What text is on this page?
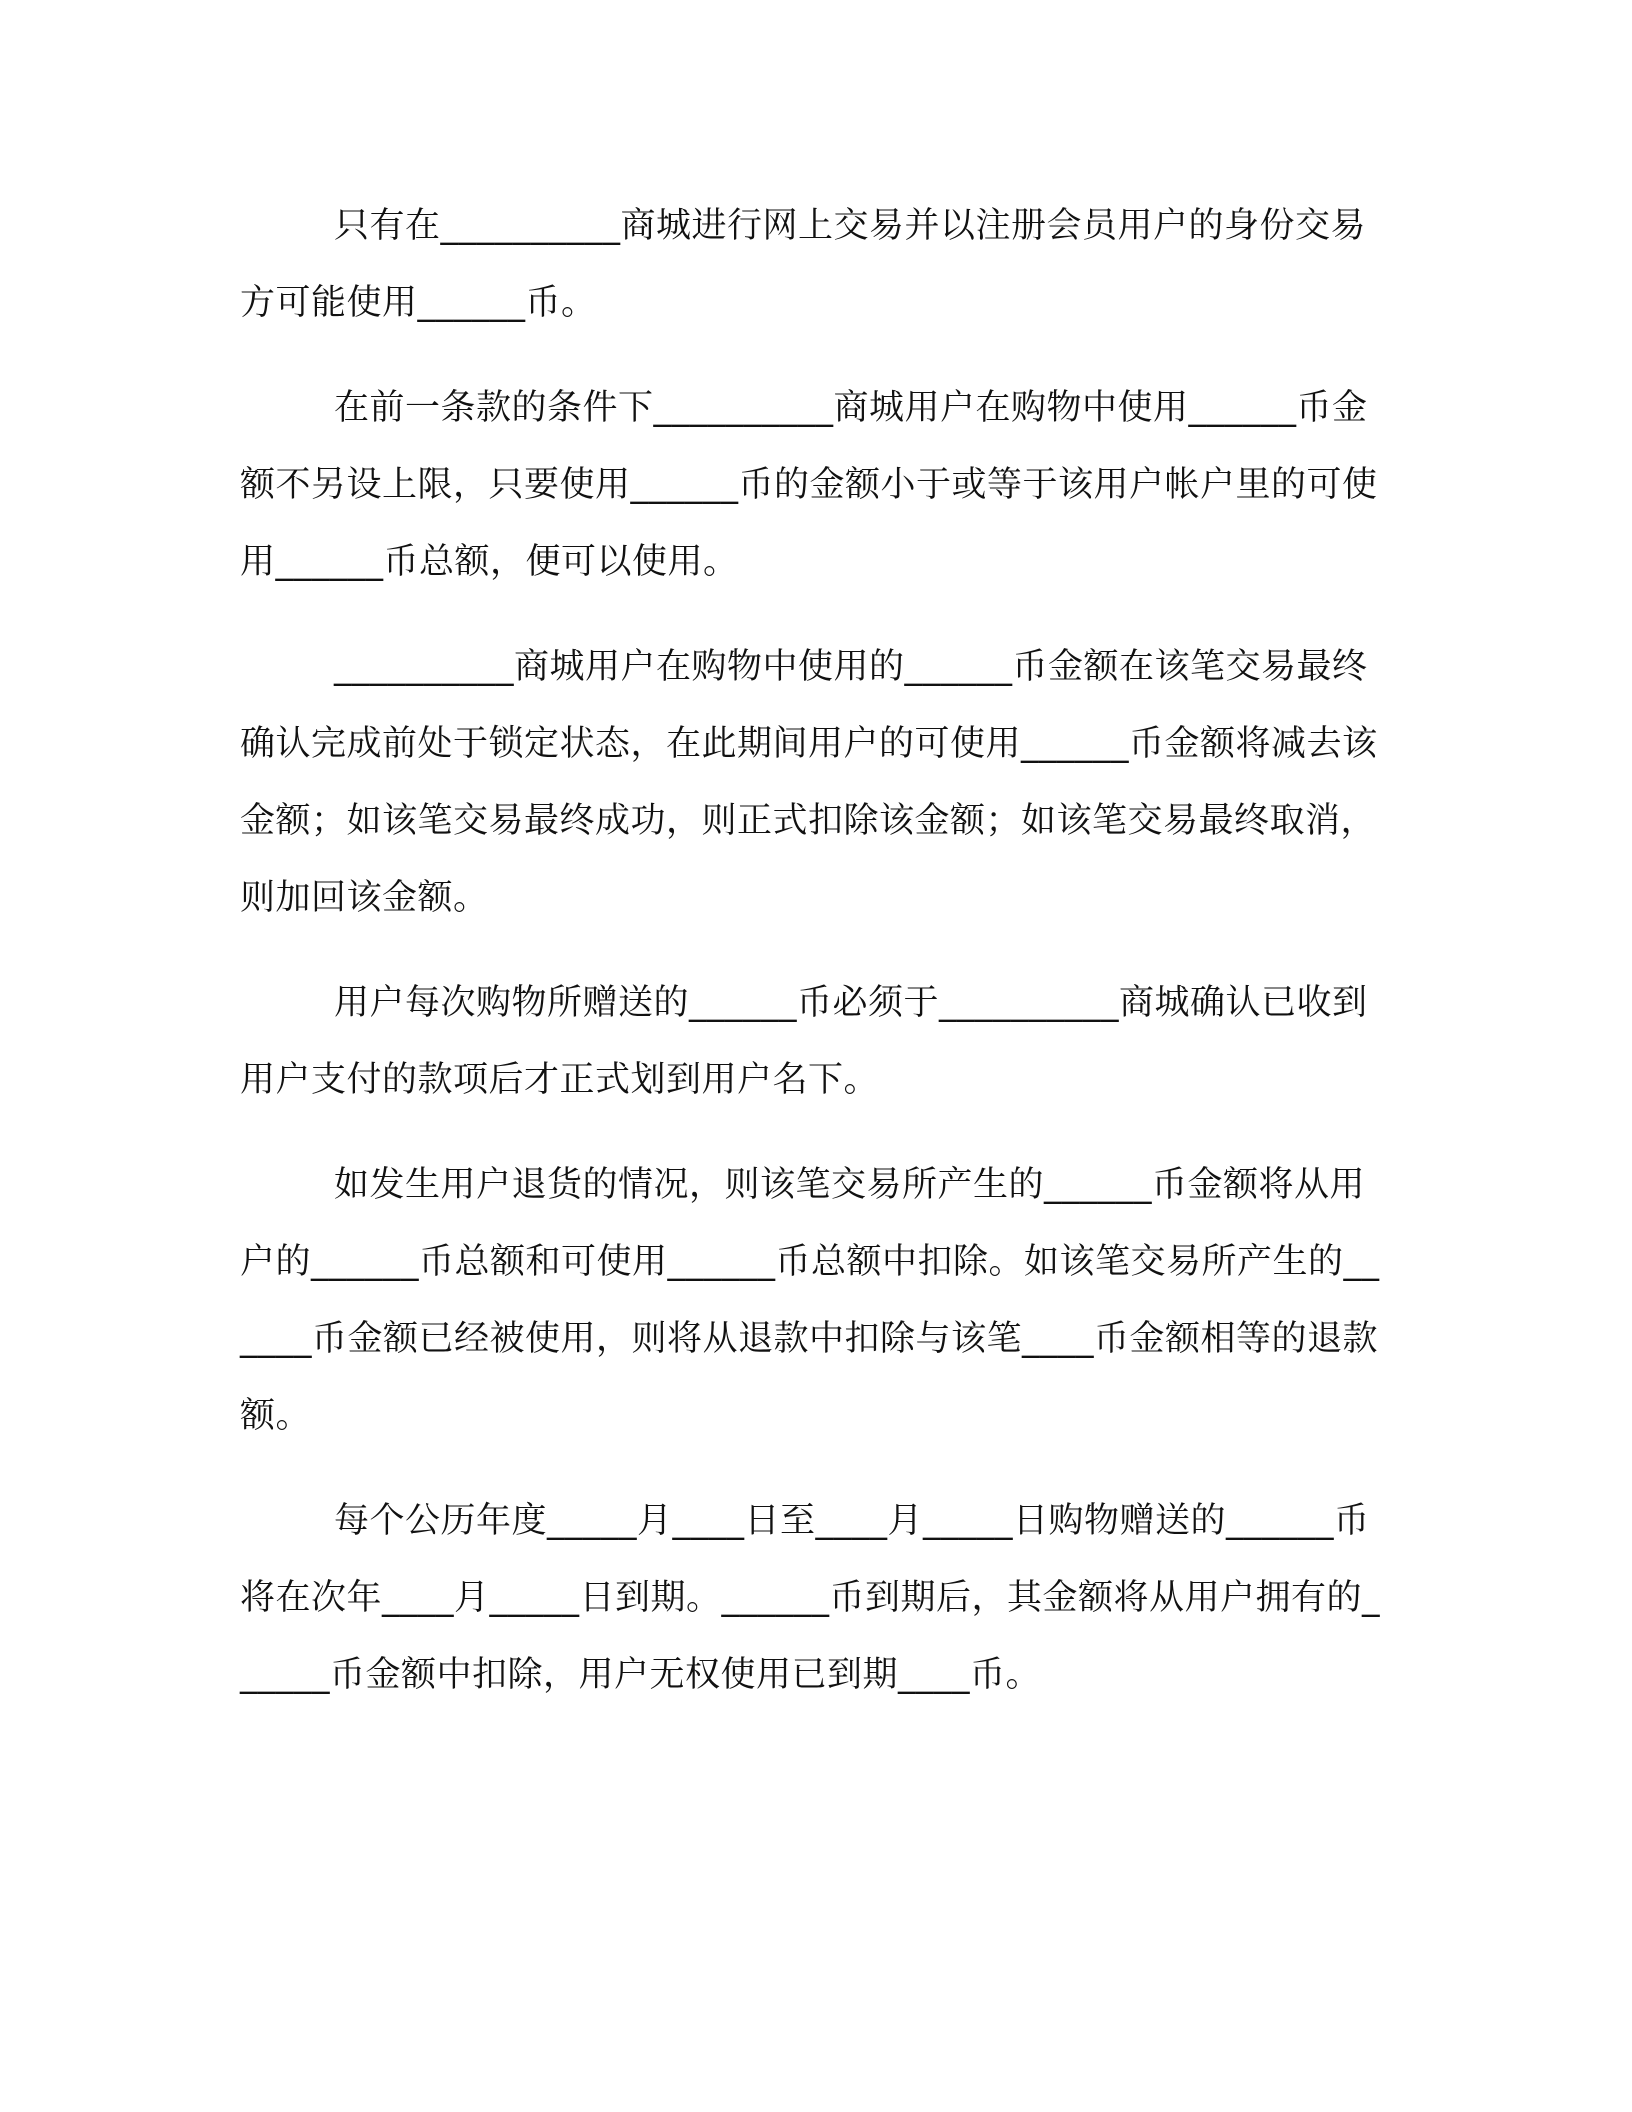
只有在__________商城进行网上交易并以注册会员用户的身份交易方可能使用______币。

在前一条款的条件下__________商城用户在购物中使用______币金额不另设上限，只要使用______币的金额小于或等于该用户帐户里的可使用______币总额，便可以使用。

__________商城用户在购物中使用的______币金额在该笔交易最终确认完成前处于锁定状态，在此期间用户的可使用______币金额将减去该金额；如该笔交易最终成功，则正式扣除该金额；如该笔交易最终取消，则加回该金额。

用户每次购物所赠送的______币必须于__________商城确认已收到用户支付的款项后才正式划到用户名下。

如发生用户退货的情况，则该笔交易所产生的______币金额将从用户的______币总额和可使用______币总额中扣除。如该笔交易所产生的______币金额已经被使用，则将从退款中扣除与该笔____币金额相等的退款额。

每个公历年度_____月____日至____月_____日购物赠送的______币将在次年____月_____日到期。______币到期后，其金额将从用户拥有的______币金额中扣除，用户无权使用已到期____币。
